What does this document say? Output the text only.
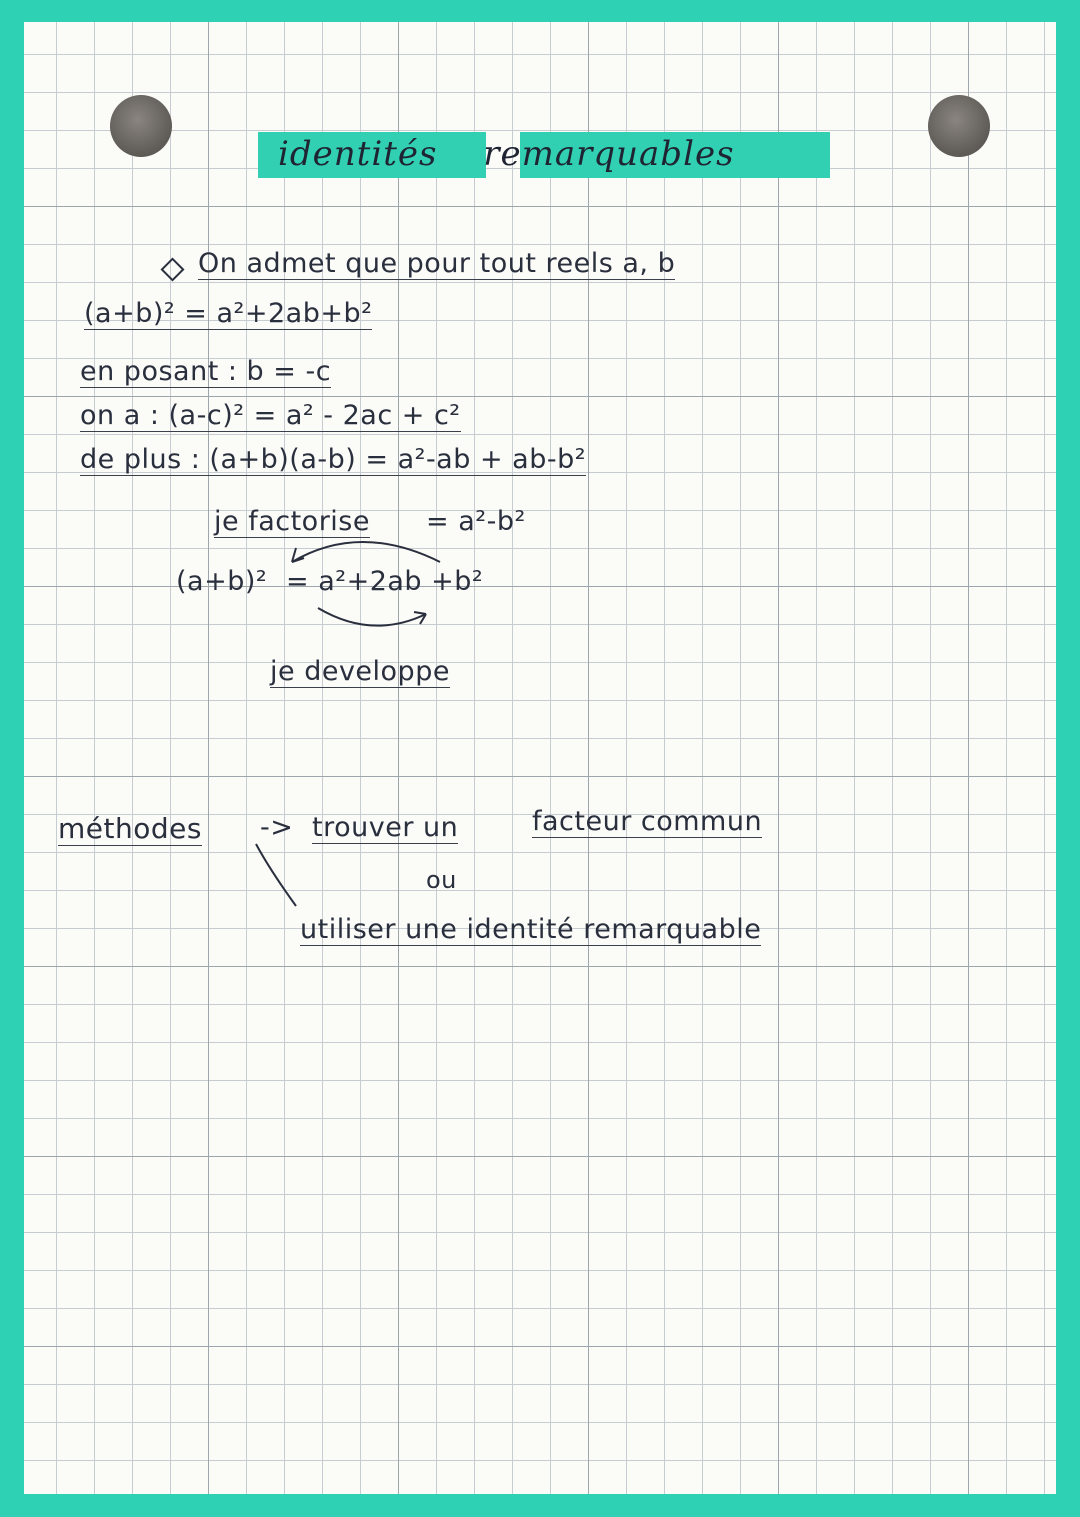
identités remarquables
On admet que pour tout reels a, b
(a+b)² = a²+2ab+b²
en posant : b = -c
on a : (a-c)² = a² - 2ac + c²
de plus : (a+b)(a-b) = a²-ab + ab-b²
je factorise = a²-b²
(a+b)² = a²+2ab +b²
je developpe
méthodes -> trouver un	facteur commun
ou
utiliser une identité remarquable
